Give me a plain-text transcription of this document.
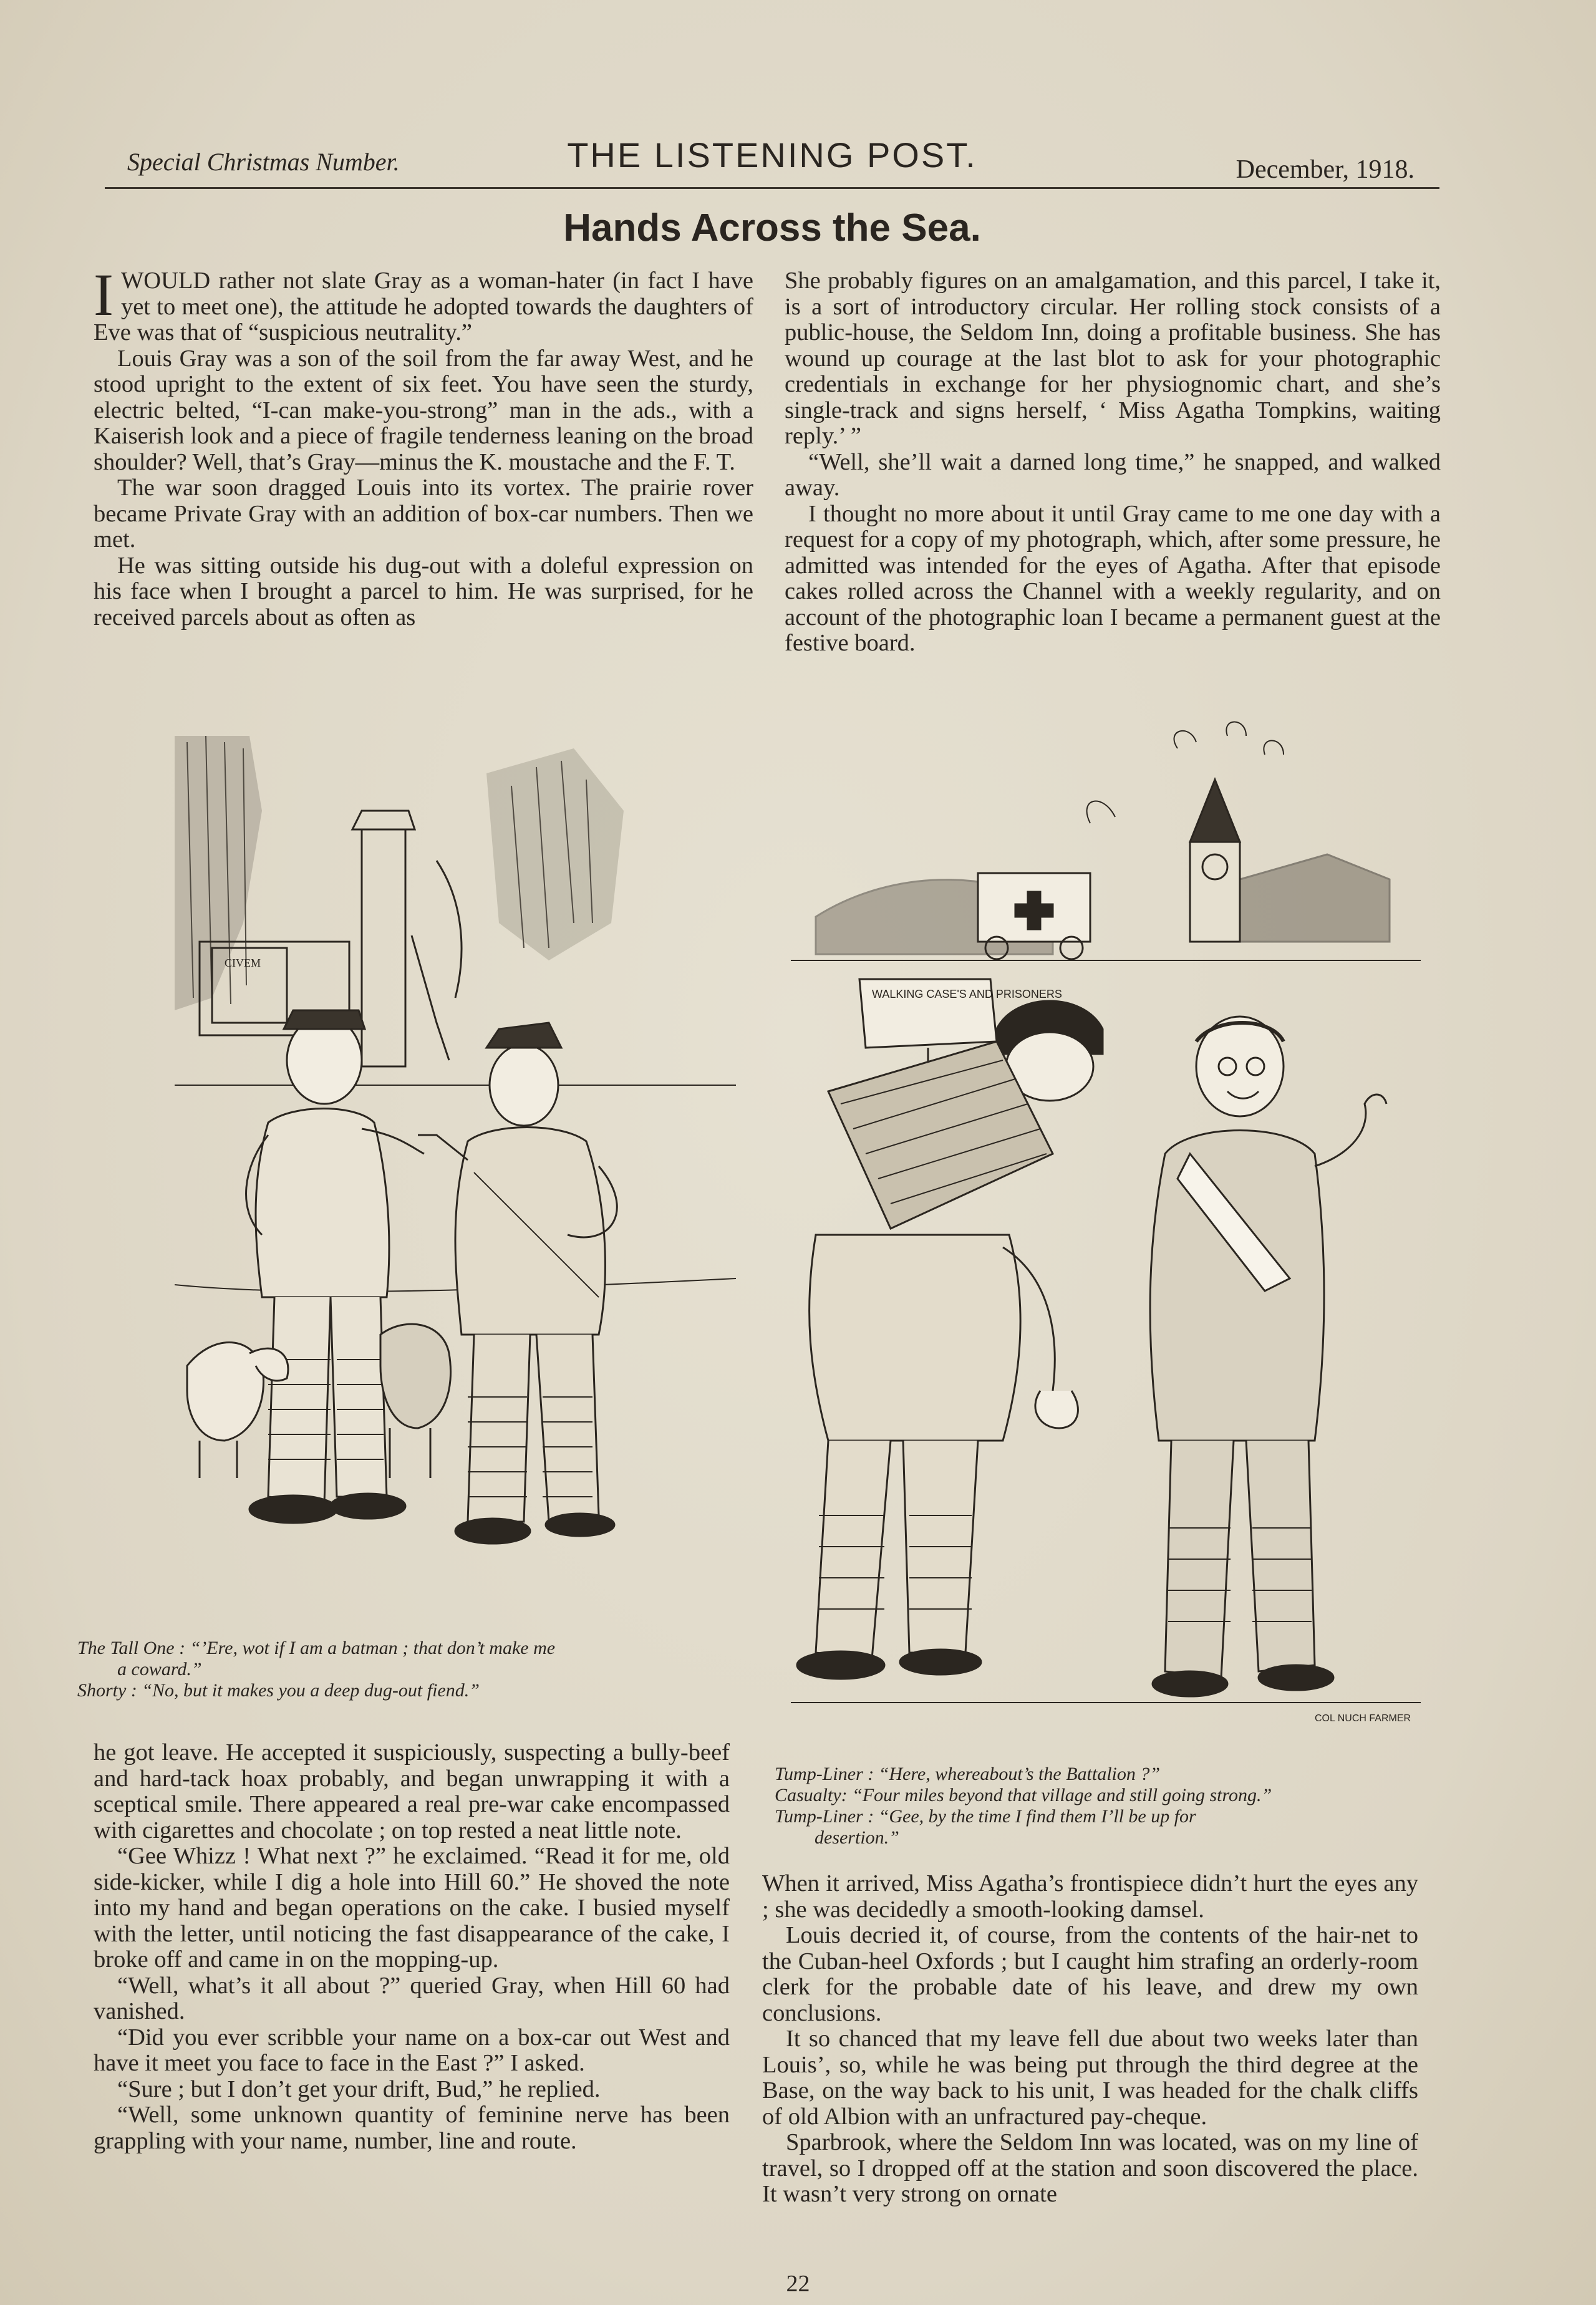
Special Christmas Number.	THE LISTENING POST.	December, 1918.
Hands Across the Sea.

IWOULD rather not slate Gray as a woman-hater (in fact I have yet to meet one), the attitude he adopted towards the daughters of Eve was that of “suspicious neutrality.”

Louis Gray was a son of the soil from the far away West, and he stood upright to the extent of six feet. You have seen the sturdy, electric belted, “I-can make-you-strong” man in the ads., with a Kaiserish look and a piece of fragile tenderness leaning on the broad shoulder? Well, that’s Gray—minus the K. moustache and the F. T.

The war soon dragged Louis into its vortex. The prairie rover became Private Gray with an addition of box-car numbers. Then we met.

He was sitting outside his dug-out with a doleful expression on his face when I brought a parcel to him. He was surprised, for he received parcels about as often as

She probably figures on an amalgamation, and this parcel, I take it, is a sort of introductory circular. Her rolling stock consists of a public-house, the Seldom Inn, doing a profitable business. She has wound up courage at the last blot to ask for your photographic credentials in exchange for her physiognomic chart, and she’s single-track and signs herself, ‘ Miss Agatha Tompkins, waiting reply.’ ”

“Well, she’ll wait a darned long time,” he snapped, and walked away.

I thought no more about it until Gray came to me one day with a request for a copy of my photograph, which, after some pressure, he admitted was intended for the eyes of Agatha. After that episode cakes rolled across the Channel with a weekly regularity, and on account of the photographic loan I became a permanent guest at the festive board.

CIVEM
The Tall One : “’Ere, wot if I am a batman ; that don’t make me
a coward.”
Shorty : “No, but it makes you a deep dug-out fiend.”
WALKING CASE'S AND PRISONERS
COL NUCH FARMER
Tump-Liner : “Here, whereabout’s the Battalion ?”
Casualty: “Four miles beyond that village and still going strong.”
Tump-Liner : “Gee, by the time I find them I’ll be up for
desertion.”

he got leave. He accepted it suspiciously, suspecting a bully-beef and hard-tack hoax probably, and began unwrapping it with a sceptical smile. There appeared a real pre-war cake encompassed with cigarettes and chocolate ; on top rested a neat little note.

“Gee Whizz ! What next ?” he exclaimed. “Read it for me, old side-kicker, while I dig a hole into Hill 60.” He shoved the note into my hand and began operations on the cake. I busied myself with the letter, until noticing the fast disappearance of the cake, I broke off and came in on the mopping-up.

“Well, what’s it all about ?” queried Gray, when Hill 60 had vanished.

“Did you ever scribble your name on a box-car out West and have it meet you face to face in the East ?” I asked.

“Sure ; but I don’t get your drift, Bud,” he replied.

“Well, some unknown quantity of feminine nerve has been grappling with your name, number, line and route.

When it arrived, Miss Agatha’s frontispiece didn’t hurt the eyes any ; she was decidedly a smooth-looking damsel.

Louis decried it, of course, from the contents of the hair-net to the Cuban-heel Oxfords ; but I caught him strafing an orderly-room clerk for the probable date of his leave, and drew my own conclusions.

It so chanced that my leave fell due about two weeks later than Louis’, so, while he was being put through the third degree at the Base, on the way back to his unit, I was headed for the chalk cliffs of old Albion with an unfractured pay-cheque.

Sparbrook, where the Seldom Inn was located, was on my line of travel, so I dropped off at the station and soon discovered the place. It wasn’t very strong on ornate

22
